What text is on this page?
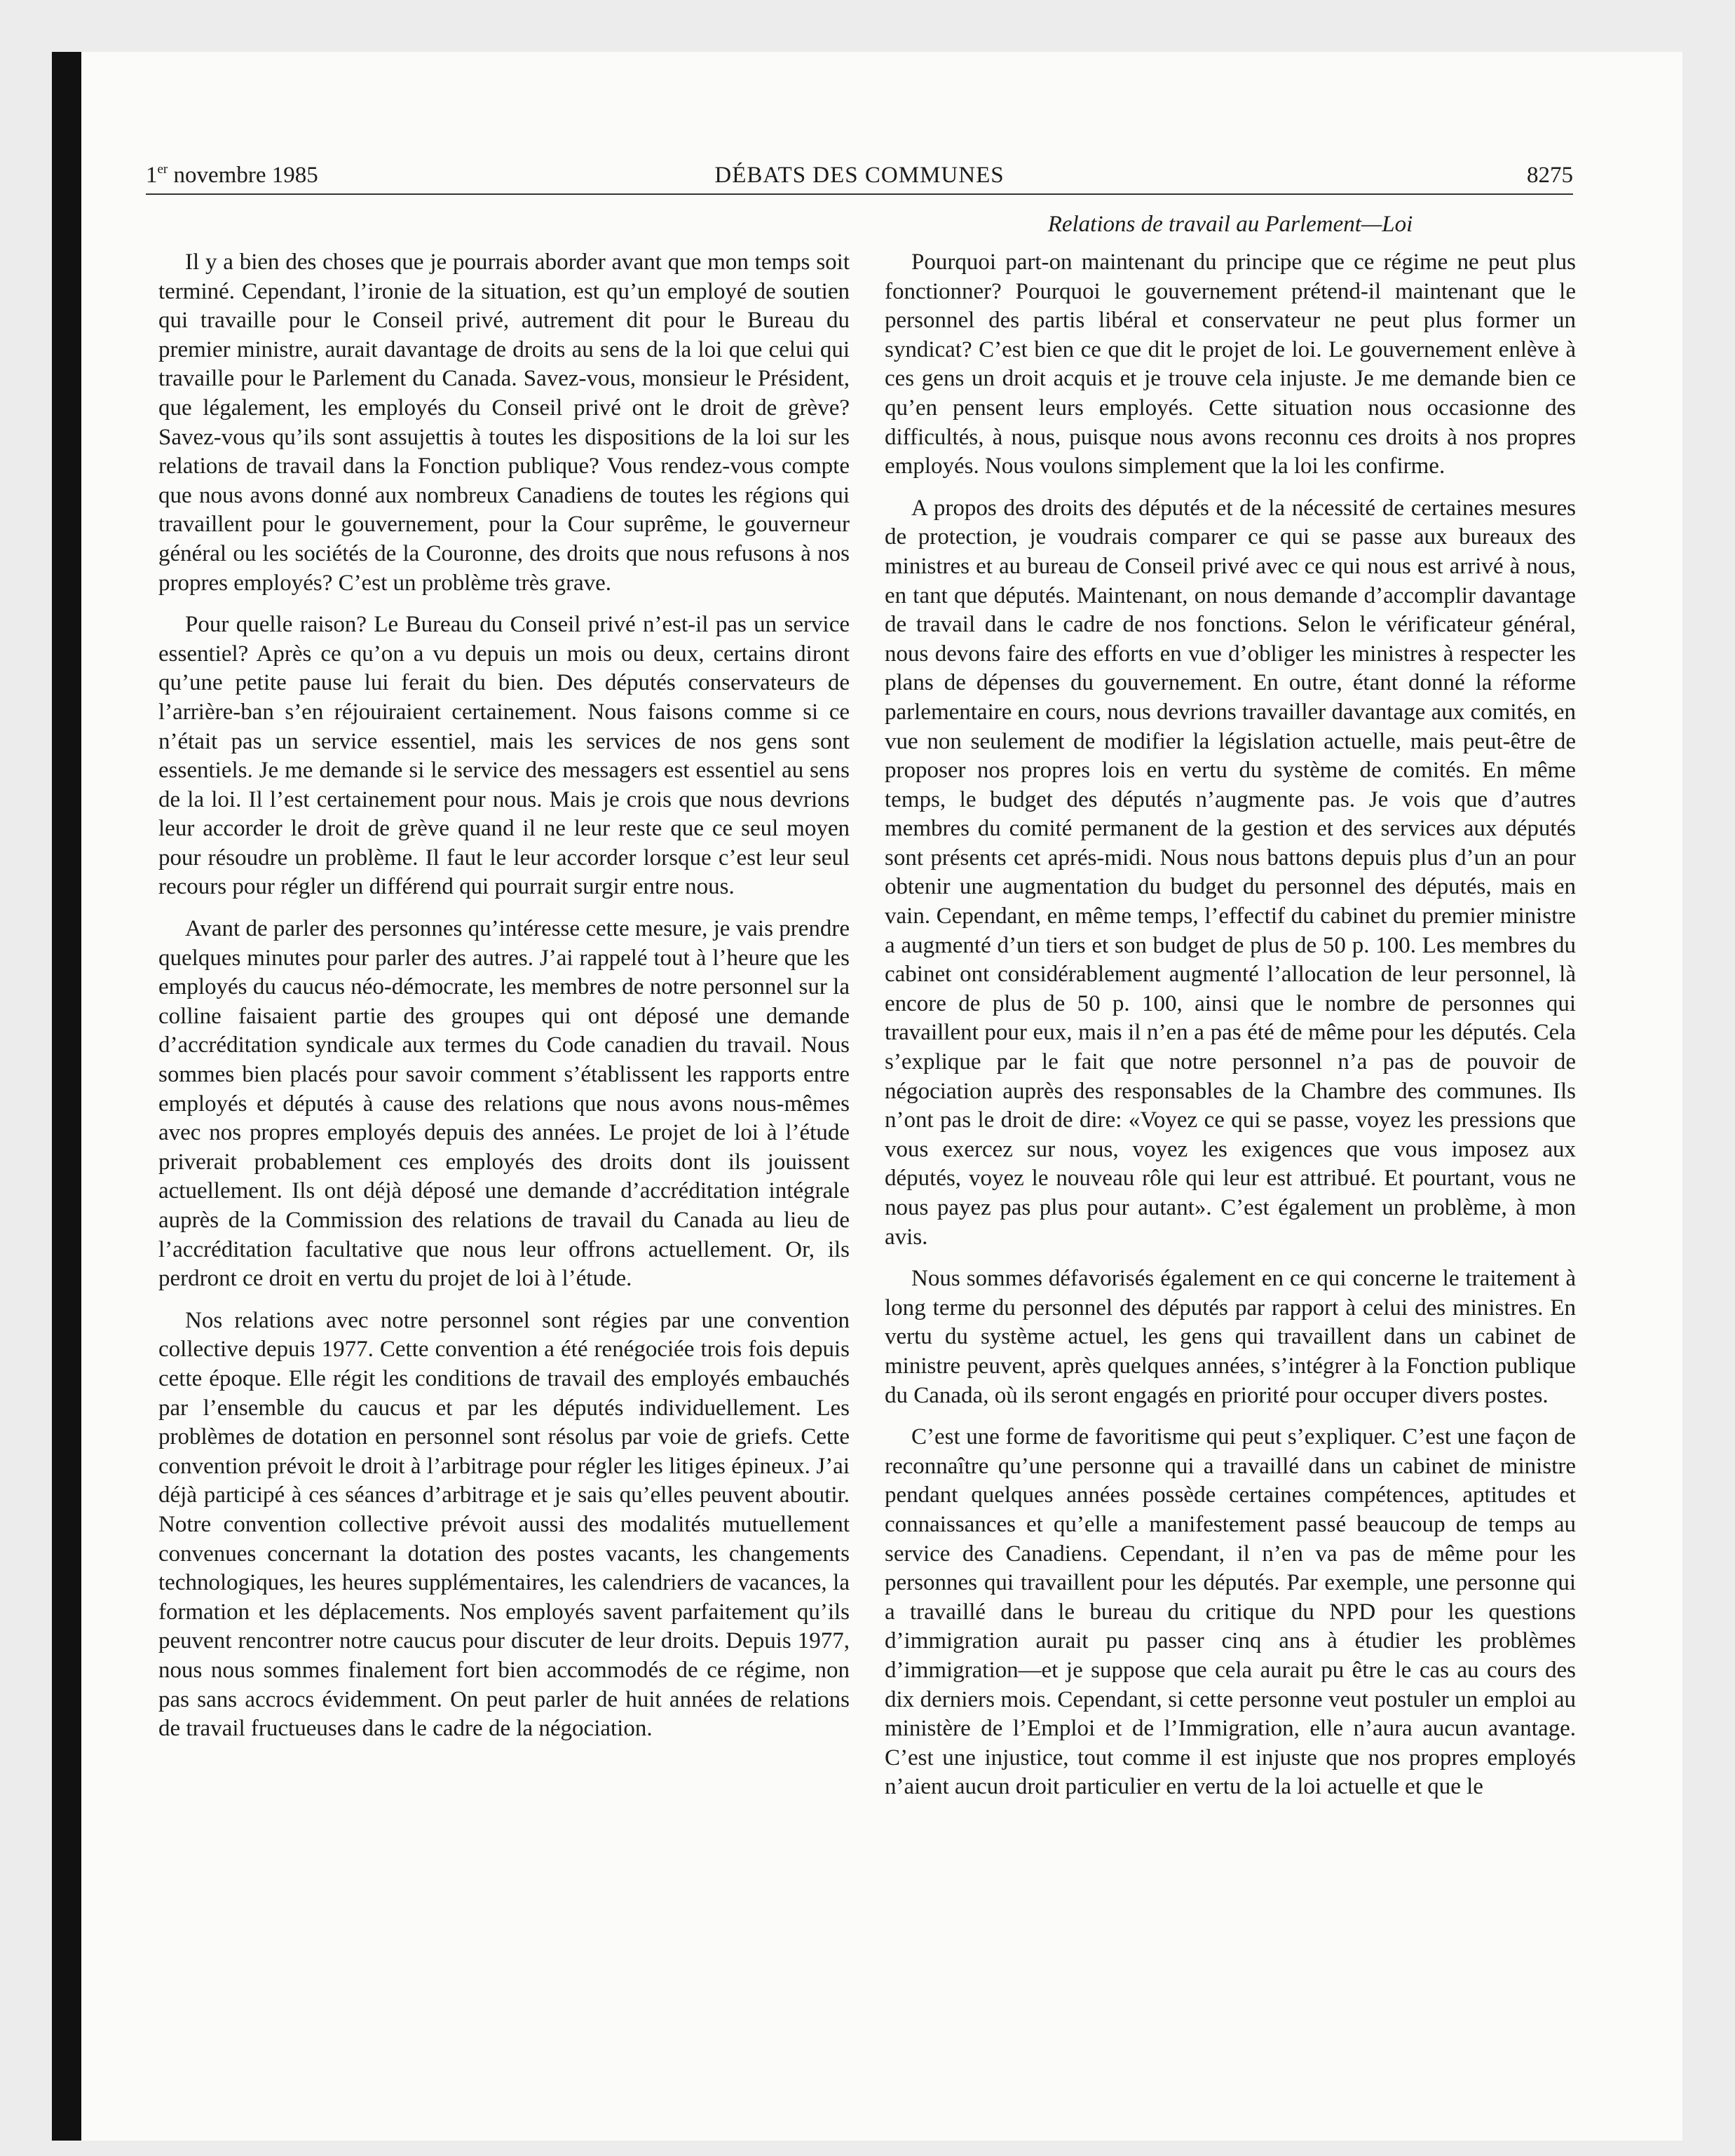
1er novembre 1985	DÉBATS DES COMMUNES	8275
Relations de travail au Parlement—Loi

Il y a bien des choses que je pourrais aborder avant que mon temps soit terminé. Cependant, l’ironie de la situation, est qu’un employé de soutien qui travaille pour le Conseil privé, autrement dit pour le Bureau du premier ministre, aurait davantage de droits au sens de la loi que celui qui travaille pour le Parlement du Canada. Savez-vous, monsieur le Président, que légalement, les employés du Conseil privé ont le droit de grève? Savez-vous qu’ils sont assujettis à toutes les dispositions de la loi sur les relations de travail dans la Fonction publique? Vous rendez-vous compte que nous avons donné aux nombreux Canadiens de toutes les régions qui travaillent pour le gouvernement, pour la Cour suprême, le gouverneur général ou les sociétés de la Couronne, des droits que nous refusons à nos propres employés? C’est un problème très grave.

Pour quelle raison? Le Bureau du Conseil privé n’est-il pas un service essentiel? Après ce qu’on a vu depuis un mois ou deux, certains diront qu’une petite pause lui ferait du bien. Des députés conservateurs de l’arrière-ban s’en réjouiraient certainement. Nous faisons comme si ce n’était pas un service essentiel, mais les services de nos gens sont essentiels. Je me demande si le service des messagers est essentiel au sens de la loi. Il l’est certainement pour nous. Mais je crois que nous devrions leur accorder le droit de grève quand il ne leur reste que ce seul moyen pour résoudre un problème. Il faut le leur accorder lorsque c’est leur seul recours pour régler un différend qui pourrait surgir entre nous.

Avant de parler des personnes qu’intéresse cette mesure, je vais prendre quelques minutes pour parler des autres. J’ai rappelé tout à l’heure que les employés du caucus néo-démocrate, les membres de notre personnel sur la colline faisaient partie des groupes qui ont déposé une demande d’accréditation syndicale aux termes du Code canadien du travail. Nous sommes bien placés pour savoir comment s’établissent les rapports entre employés et députés à cause des relations que nous avons nous-mêmes avec nos propres employés depuis des années. Le projet de loi à l’étude priverait probablement ces employés des droits dont ils jouissent actuellement. Ils ont déjà déposé une demande d’accréditation intégrale auprès de la Commission des relations de travail du Canada au lieu de l’accréditation facultative que nous leur offrons actuellement. Or, ils perdront ce droit en vertu du projet de loi à l’étude.

Nos relations avec notre personnel sont régies par une convention collective depuis 1977. Cette convention a été renégociée trois fois depuis cette époque. Elle régit les conditions de travail des employés embauchés par l’ensemble du caucus et par les députés individuellement. Les problèmes de dotation en personnel sont résolus par voie de griefs. Cette convention prévoit le droit à l’arbitrage pour régler les litiges épineux. J’ai déjà participé à ces séances d’arbitrage et je sais qu’elles peuvent aboutir. Notre convention collective prévoit aussi des modalités mutuellement convenues concernant la dotation des postes vacants, les changements technologiques, les heures supplémentaires, les calendriers de vacances, la formation et les déplacements. Nos employés savent parfaitement qu’ils peuvent rencontrer notre caucus pour discuter de leur droits. Depuis 1977, nous nous sommes finalement fort bien accommodés de ce régime, non pas sans accrocs évidemment. On peut parler de huit années de relations de travail fructueuses dans le cadre de la négociation.

Pourquoi part-on maintenant du principe que ce régime ne peut plus fonctionner? Pourquoi le gouvernement prétend-il maintenant que le personnel des partis libéral et conservateur ne peut plus former un syndicat? C’est bien ce que dit le projet de loi. Le gouvernement enlève à ces gens un droit acquis et je trouve cela injuste. Je me demande bien ce qu’en pensent leurs employés. Cette situation nous occasionne des difficultés, à nous, puisque nous avons reconnu ces droits à nos propres employés. Nous voulons simplement que la loi les confirme.

A propos des droits des députés et de la nécessité de certaines mesures de protection, je voudrais comparer ce qui se passe aux bureaux des ministres et au bureau de Conseil privé avec ce qui nous est arrivé à nous, en tant que députés. Maintenant, on nous demande d’accomplir davantage de travail dans le cadre de nos fonctions. Selon le vérificateur général, nous devons faire des efforts en vue d’obliger les ministres à respecter les plans de dépenses du gouvernement. En outre, étant donné la réforme parlementaire en cours, nous devrions travailler davantage aux comités, en vue non seulement de modifier la législation actuelle, mais peut-être de proposer nos propres lois en vertu du système de comités. En même temps, le budget des députés n’augmente pas. Je vois que d’autres membres du comité permanent de la gestion et des services aux députés sont présents cet aprés-midi. Nous nous battons depuis plus d’un an pour obtenir une augmentation du budget du personnel des députés, mais en vain. Cependant, en même temps, l’effectif du cabinet du premier ministre a augmenté d’un tiers et son budget de plus de 50 p. 100. Les membres du cabinet ont considérablement augmenté l’allocation de leur personnel, là encore de plus de 50 p. 100, ainsi que le nombre de personnes qui travaillent pour eux, mais il n’en a pas été de même pour les députés. Cela s’explique par le fait que notre personnel n’a pas de pouvoir de négociation auprès des responsables de la Chambre des communes. Ils n’ont pas le droit de dire: «Voyez ce qui se passe, voyez les pressions que vous exercez sur nous, voyez les exigences que vous imposez aux députés, voyez le nouveau rôle qui leur est attribué. Et pourtant, vous ne nous payez pas plus pour autant». C’est également un problème, à mon avis.

Nous sommes défavorisés également en ce qui concerne le traitement à long terme du personnel des députés par rapport à celui des ministres. En vertu du système actuel, les gens qui travaillent dans un cabinet de ministre peuvent, après quelques années, s’intégrer à la Fonction publique du Canada, où ils seront engagés en priorité pour occuper divers postes.

C’est une forme de favoritisme qui peut s’expliquer. C’est une façon de reconnaître qu’une personne qui a travaillé dans un cabinet de ministre pendant quelques années possède certaines compétences, aptitudes et connaissances et qu’elle a manifestement passé beaucoup de temps au service des Canadiens. Cependant, il n’en va pas de même pour les personnes qui travaillent pour les députés. Par exemple, une personne qui a travaillé dans le bureau du critique du NPD pour les questions d’immigration aurait pu passer cinq ans à étudier les problèmes d’immigration—et je suppose que cela aurait pu être le cas au cours des dix derniers mois. Cependant, si cette personne veut postuler un emploi au ministère de l’Emploi et de l’Immigration, elle n’aura aucun avantage. C’est une injustice, tout comme il est injuste que nos propres employés n’aient aucun droit particulier en vertu de la loi actuelle et que le
